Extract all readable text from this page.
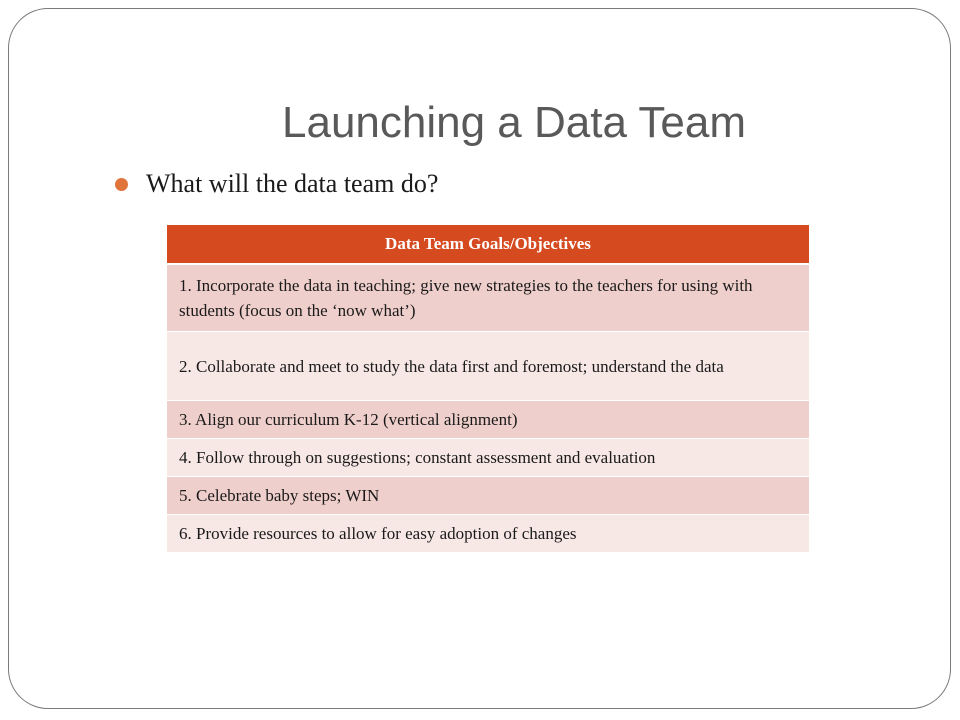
Launching a Data Team
What will the data team do?
Data Team Goals/Objectives
1. Incorporate the data in teaching; give new strategies to the teachers for using with students (focus on the ‘now what’)
2. Collaborate and meet to study the data first and foremost; understand the data
3. Align our curriculum K-12 (vertical alignment)
4. Follow through on suggestions; constant assessment and evaluation
5. Celebrate baby steps; WIN
6. Provide resources to allow for easy adoption of changes
